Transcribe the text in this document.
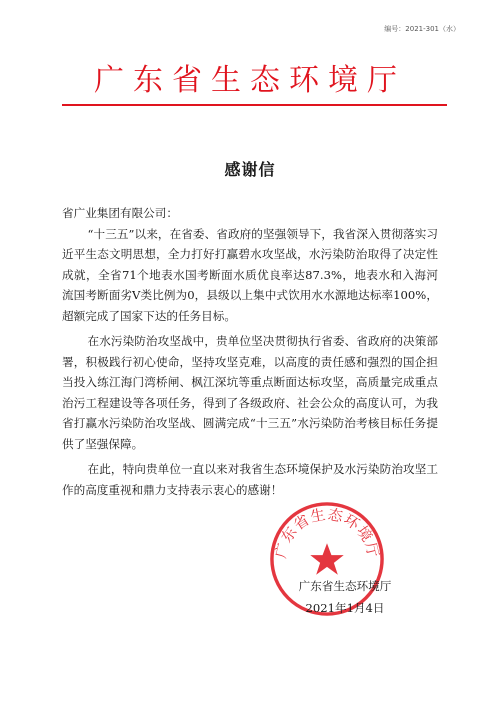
编号：2021-301（水）
广东省生态环境厅
感谢信

省广业集团有限公司：

“十三五”以来，在省委、省政府的坚强领导下，我省深入贯彻落实习近平生态文明思想，全力打好打赢碧水攻坚战，水污染防治取得了决定性成就，全省71个地表水国考断面水质优良率达87.3%，地表水和入海河流国考断面劣V类比例为0，县级以上集中式饮用水水源地达标率100%，超额完成了国家下达的任务目标。

在水污染防治攻坚战中，贵单位坚决贯彻执行省委、省政府的决策部署，积极践行初心使命，坚持攻坚克难，以高度的责任感和强烈的国企担当投入练江海门湾桥闸、枫江深坑等重点断面达标攻坚，高质量完成重点治污工程建设等各项任务，得到了各级政府、社会公众的高度认可，为我省打赢水污染防治攻坚战、圆满完成“十三五”水污染防治考核目标任务提供了坚强保障。

在此，特向贵单位一直以来对我省生态环境保护及水污染防治攻坚工作的高度重视和鼎力支持表示衷心的感谢！

广东省生态环境厅
广东省生态环境厅
2021年1月4日
